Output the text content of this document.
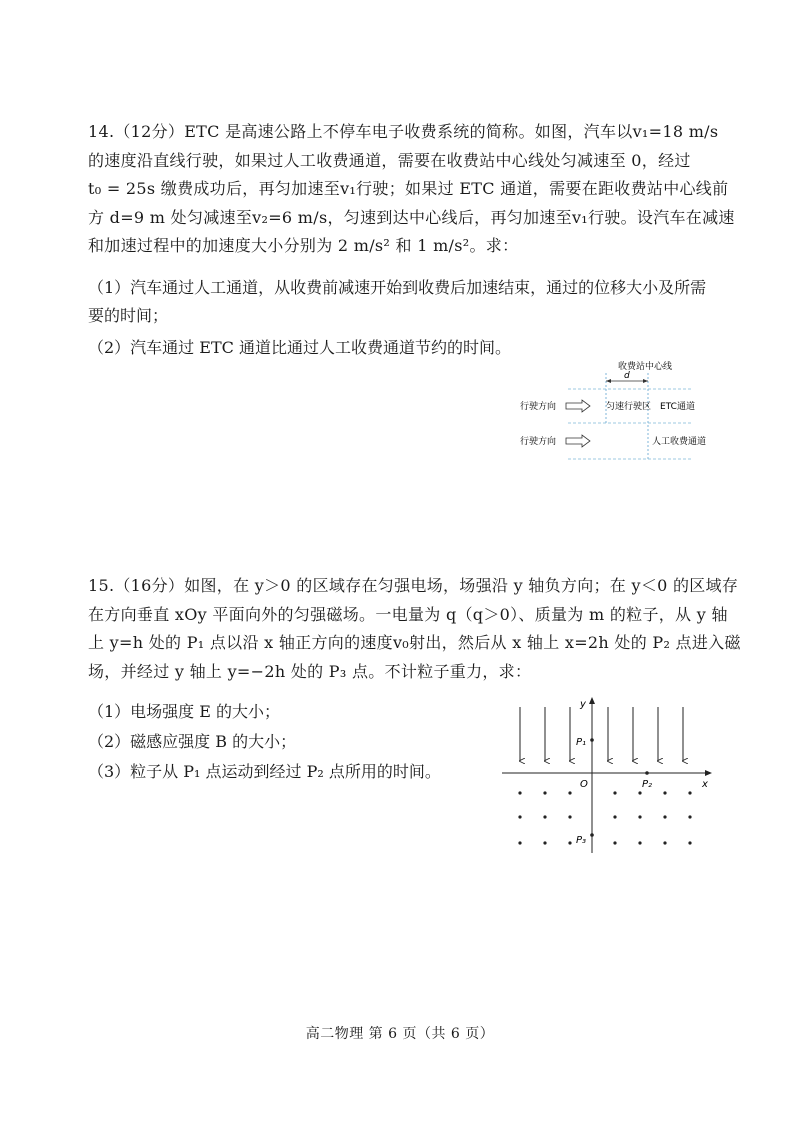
14.（12分）ETC 是高速公路上不停车电子收费系统的简称。如图，汽车以v₁=18 m/s
的速度沿直线行驶，如果过人工收费通道，需要在收费站中心线处匀减速至 0，经过
t₀ = 25s 缴费成功后，再匀加速至v₁行驶；如果过 ETC 通道，需要在距收费站中心线前
方 d=9 m 处匀减速至v₂=6 m/s，匀速到达中心线后，再匀加速至v₁行驶。设汽车在减速
和加速过程中的加速度大小分别为 2 m/s² 和 1 m/s²。求：
（1）汽车通过人工通道，从收费前减速开始到收费后加速结束，通过的位移大小及所需
要的时间；
（2）汽车通过 ETC 通道比通过人工收费通道节约的时间。
收费站中心线
d
行驶方向	匀速行驶区 ETC通道
行驶方向	人工收费通道
15.（16分）如图，在 y＞0 的区域存在匀强电场，场强沿 y 轴负方向；在 y＜0 的区域存
在方向垂直 xOy 平面向外的匀强磁场。一电量为 q（q＞0）、质量为 m 的粒子，从 y 轴
上 y=h 处的 P₁ 点以沿 x 轴正方向的速度v₀射出，然后从 x 轴上 x=2h 处的 P₂ 点进入磁
场，并经过 y 轴上 y=−2h 处的 P₃ 点。不计粒子重力，求：
（1）电场强度 E 的大小；
（2）磁感应强度 B 的大小；
（3）粒子从 P₁ 点运动到经过 P₂ 点所用的时间。
y
x
O
P₁
P₂
P₃
高二物理 第 6 页（共 6 页）
